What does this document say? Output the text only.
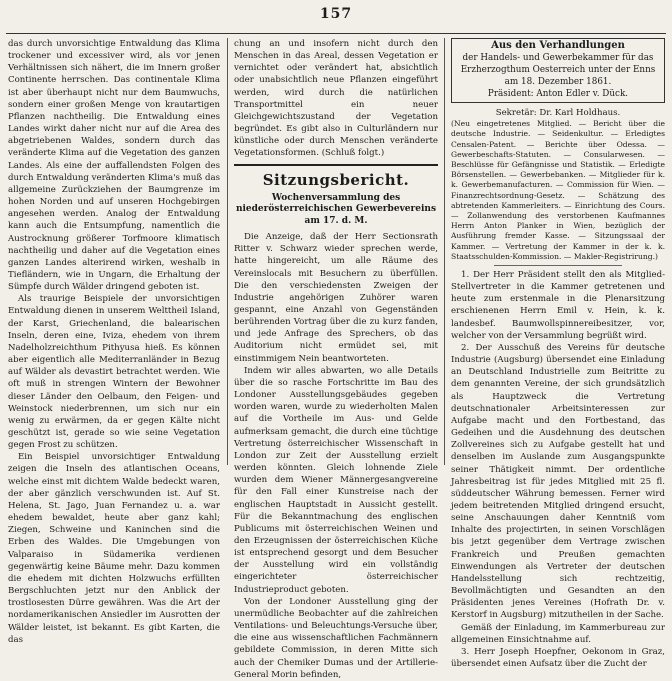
157

das durch unvorsichtige Entwaldung das Klima trockener und excessiver wird, als vor jenen Verhältnissen sich nähert, die im Innern großer Continente herrschen. Das continentale Klima ist aber überhaupt nicht nur dem Baumwuchs, sondern einer großen Menge von krautartigen Pflanzen nachtheilig. Die Entwaldung eines Landes wirkt daher nicht nur auf die Area des abgetriebenen Waldes, sondern durch das veränderte Klima auf die Vegetation des ganzen Landes. Als eine der auffallendsten Folgen des durch Entwaldung veränderten Klima's muß das allgemeine Zurückziehen der Baumgrenze im hohen Norden und auf unseren Hochgebirgen angesehen werden. Analog der Entwaldung kann auch die Entsumpfung, namentlich die Austrocknung größerer Torfmoore klimatisch nachtheilig und daher auf die Vegetation eines ganzen Landes alterirend wirken, weshalb in Tiefländern, wie in Ungarn, die Erhaltung der Sümpfe durch Wälder dringend geboten ist.

Als traurige Beispiele der unvorsichtigen Entwaldung dienen in unserem Welttheil Island, der Karst, Griechenland, die balearischen Inseln, deren eine, Iviza, ehedem von ihrem Nadelholzreichthum Pithyusa hieß. Es können aber eigentlich alle Mediterranländer in Bezug auf Wälder als devastirt betrachtet werden. Wie oft muß in strengen Wintern der Bewohner dieser Länder den Oelbaum, den Feigen- und Weinstock niederbrennen, um sich nur ein wenig zu erwärmen, da er gegen Kälte nicht geschützt ist, gerade so wie seine Vegetation gegen Frost zu schützen.

Ein Beispiel unvorsichtiger Entwaldung zeigen die Inseln des atlantischen Oceans, welche einst mit dichtem Walde bedeckt waren, der aber gänzlich verschwunden ist. Auf St. Helena, St. Jago, Juan Fernandez u. a. war ehedem bewaldet, heute aber ganz kahl; Ziegen, Schweine und Kaninchen sind die Erben des Waldes. Die Umgebungen von Valparaiso in Südamerika verdienen gegenwärtig keine Bäume mehr. Dazu kommen die ehedem mit dichten Holzwuchs erfüllten Bergschluchten jetzt nur den Anblick der trostlosesten Dürre gewähren. Was die Art der nordamerikanischen Ansiedler im Ausrotten der Wälder leistet, ist bekannt. Es gibt Karten, die das

chung an und insofern nicht durch den Menschen in das Areal, dessen Vegetation er vernichtet oder verändert hat, absichtlich oder unabsichtlich neue Pflanzen eingeführt werden, wird durch die natürlichen Transportmittel ein neuer Gleichgewichtszustand der Vegetation begründet. Es gibt also in Culturländern nur künstliche oder durch Menschen veränderte Vegetationsformen. (Schluß folgt.)

Sitzungsbericht.
Wochenversammlung des niederösterreichischen Gewerbevereins am 17. d. M.

Die Anzeige, daß der Herr Sectionsrath Ritter v. Schwarz wieder sprechen werde, hatte hingereicht, um alle Räume des Vereinslocals mit Besuchern zu überfüllen. Die den verschiedensten Zweigen der Industrie angehörigen Zuhörer waren gespannt, eine Anzahl von Gegenständen berührenden Vortrag über die zu kurz fanden, und jede Anfrage des Sprechers, ob das Auditorium nicht ermüdet sei, mit einstimmigem Nein beantworteten.

Indem wir alles abwarten, wo alle Details über die so rasche Fortschritte im Bau des Londoner Ausstellungsgebäudes gegeben worden waren, wurde zu wiederholten Malen auf die Vortheile im Aus- und Gelde aufmerksam gemacht, die durch eine tüchtige Vertretung österreichischer Wissenschaft in London zur Zeit der Ausstellung erzielt werden könnten. Gleich lohnende Ziele wurden dem Wiener Männergesangvereine für den Fall einer Kunstreise nach der englischen Hauptstadt in Aussicht gestellt. Für die Bekanntmachung des englischen Publicums mit österreichischen Weinen und den Erzeugnissen der österreichischen Küche ist entsprechend gesorgt und dem Besucher der Ausstellung wird ein vollständig eingerichteter österreichischer Industrieproduct geboten.

Von der Londoner Ausstellung ging der unermüdliche Beobachter auf die zahlreichen Ventilations- und Beleuchtungs-Versuche über, die eine aus wissenschaftlichen Fachmännern gebildete Commission, in deren Mitte sich auch der Chemiker Dumas und der Artillerie-General Morin befinden,

Aus den Verhandlungen
der Handels- und Gewerbekammer für das Erzherzogthum Oesterreich unter der Enns am 18. Dezember 1861.
Präsident: Anton Edler v. Dück.

Sekretär: Dr. Karl Holdhaus.

(Neu eingetretenes Mitglied. — Bericht über die deutsche Industrie. — Seidenkultur. — Erledigtes Censalen-Patent. — Berichte über Odessa. — Gewerbeschafts-Statuten. — Consularwesen. — Beschlüsse für Gefängnisse und Statistik. — Erledigte Börsenstellen. — Gewerbebanken. — Mitglieder für k. k. Gewerbemanufacturen. — Commission für Wien. — Finanzrechtsordnung-Gesetz. — Schätzung des abtretenden Kammerleiters. — Einrichtung des Cours. — Zollanwendung des verstorbenen Kaufmannes Herrn Anton Planker in Wien, bezüglich der Ausführung fremder Kasse. — Sitzungssaal der Kammer. — Vertretung der Kammer in der k. k. Staatsschulden-Kommission. — Makler-Registrirung.)

1. Der Herr Präsident stellt den als Mitglied-Stellvertreter in die Kammer getretenen und heute zum erstenmale in die Plenarsitzung erschienenen Herrn Emil v. Hein, k. k. landesbef. Baumwollspinnereibesitzer, vor, welcher von der Versammlung begrüßt wird.

2. Der Ausschuß des Vereins für deutsche Industrie (Augsburg) übersendet eine Einladung an Deutschland Industrielle zum Beitritte zu dem genannten Vereine, der sich grundsätzlich als Hauptzweck die Vertretung deutschnationaler Arbeitsinteressen zur Aufgabe macht und den Fortbestand, das Gedeihen und die Ausdehnung des deutschen Zollvereines sich zu Aufgabe gestellt hat und denselben im Auslande zum Ausgangspunkte seiner Thätigkeit nimmt. Der ordentliche Jahresbeitrag ist für jedes Mitglied mit 25 fl. süddeutscher Währung bemessen. Ferner wird jedem beitretenden Mitglied dringend ersucht, seine Anschauungen daher Kenntniß vom Inhalte des projectirten, in seinen Vorschlägen bis jetzt gegenüber dem Vertrage zwischen Frankreich und Preußen gemachten Einwendungen als Vertreter der deutschen Handelsstellung sich rechtzeitig, Bevollmächtigten und Gesandten an den Präsidenten jenes Vereines (Hofrath Dr. v. Kerstorf in Augsburg) mitzutheilen in der Sache.

Gemäß der Einladung, im Kammerbureau zur allgemeinen Einsichtnahme auf.

3. Herr Joseph Hoepfner, Oekonom in Graz, übersendet einen Aufsatz über die Zucht der
